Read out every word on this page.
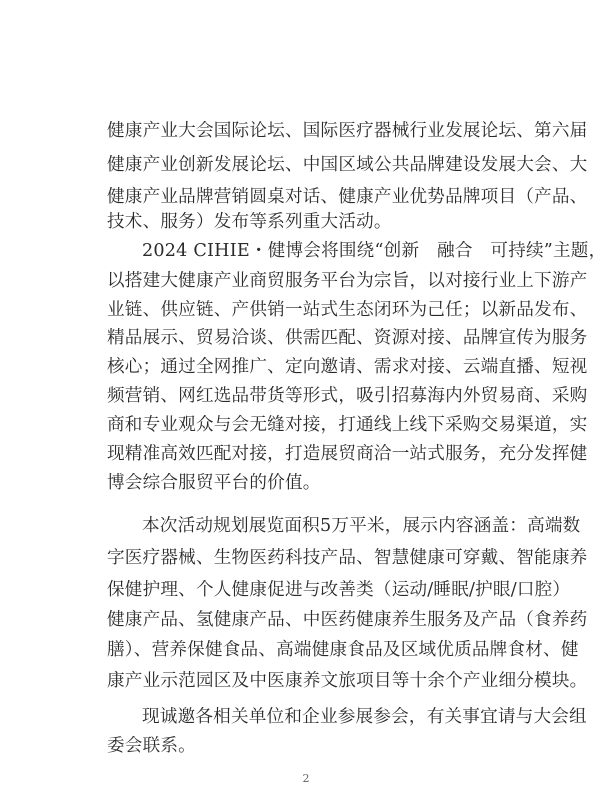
健康产业大会国际论坛、国际医疗器械行业发展论坛、第六届
健康产业创新发展论坛、中国区域公共品牌建设发展大会、大
健康产业品牌营销圆桌对话、健康产业优势品牌项目（产品、
技术、服务）发布等系列重大活动。
2024 CIHIE・健博会将围绕“创新　融合　可持续”主题，
以搭建大健康产业商贸服务平台为宗旨，以对接行业上下游产
业链、供应链、产供销一站式生态闭环为己任；以新品发布、
精品展示、贸易洽谈、供需匹配、资源对接、品牌宣传为服务
核心；通过全网推广、定向邀请、需求对接、云端直播、短视
频营销、网红选品带货等形式，吸引招募海内外贸易商、采购
商和专业观众与会无缝对接，打通线上线下采购交易渠道，实
现精准高效匹配对接，打造展贸商洽一站式服务，充分发挥健
博会综合服贸平台的价值。
本次活动规划展览面积5万平米，展示内容涵盖：高端数
字医疗器械、生物医药科技产品、智慧健康可穿戴、智能康养
保健护理、个人健康促进与改善类（运动/睡眠/护眼/口腔）
健康产品、氢健康产品、中医药健康养生服务及产品（食养药
膳）、营养保健食品、高端健康食品及区域优质品牌食材、健
康产业示范园区及中医康养文旅项目等十余个产业细分模块。
现诚邀各相关单位和企业参展参会，有关事宜请与大会组
委会联系。
2
